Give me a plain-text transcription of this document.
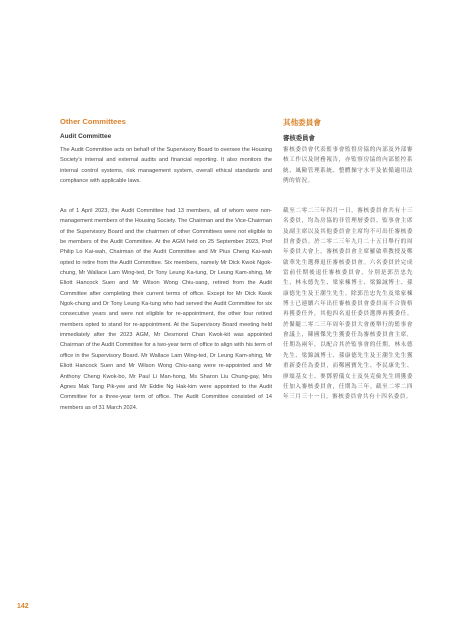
Other Committees
Audit Committee

The Audit Committee acts on behalf of the Supervisory Board to oversee the Housing Society's internal and external audits and financial reporting. It also monitors the internal control systems, risk management system, overall ethical standards and compliance with applicable laws.

As of 1 April 2023, the Audit Committee had 13 members, all of whom were non-management members of the Housing Society. The Chairman and the Vice-Chairman of the Supervisory Board and the chairmen of other Committees were not eligible to be members of the Audit Committee. At the AGM held on 25 September 2023, Prof Philip Lo Kai-wah, Chairman of the Audit Committee and Mr Pius Cheng Kai-wah opted to retire from the Audit Committee. Six members, namely Mr Dick Kwok Ngok-chung, Mr Wallace Lam Wing-ted, Dr Tony Leung Ka-tung, Dr Leung Kam-shing, Mr Eliott Hancock Suen and Mr Wilson Wong Chiu-sang, retired from the Audit Committee after completing their current terms of office. Except for Mr Dick Kwok Ngok-chung and Dr Tony Leung Ka-tung who had served the Audit Committee for six consecutive years and were not eligible for re-appointment, the other four retired members opted to stand for re-appointment. At the Supervisory Board meeting held immediately after the 2023 AGM, Mr Desmond Chan Kwok-kit was appointed Chairman of the Audit Committee for a two-year term of office to align with his term of office in the Supervisory Board. Mr Wallace Lam Wing-ted, Dr Leung Kam-shing, Mr Eliott Hancock Suen and Mr Wilson Wong Chiu-sang were re-appointed and Mr Anthony Cheng Kwok-bo, Mr Paul Li Man-hong, Ms Sharon Liu Chung-gay, Mrs Agnes Mak Tang Pik-yee and Mr Eddie Ng Hak-kim were appointed to the Audit Committee for a three-year term of office. The Audit Committee consisted of 14 members as of 31 March 2024.

其他委員會
審核委員會

審核委員會代表監事會監督房協的內部及外部審核工作以及財務報告，亦監察房協的內部監控系統、風險管理系統、整體操守水平及依循適用法例的情況。

截至二零二三年四月一日，審核委員會共有十三名委員，均為房協的非管理層委員。監事會主席及副主席以及其他委員會主席均不可出任審核委員會委員。於二零二三年九月二十五日舉行的周年委員大會上，審核委員會主席羅啟華教授及鄭啟華先生選擇退任審核委員會。六名委員於完成當前任期後退任審核委員會，分別是郭岳忠先生、林永德先生、梁家棟博士、梁錦誠博士、孫康德先生及王潮生先生。除郭岳忠先生及梁家棟博士已連續六年出任審核委員會委員而不合資格再獲委任外，其他四名退任委員選擇再獲委任。於緊隨二零二三年周年委員大會後舉行的監事會會議上，陳國傑先生獲委任為審核委員會主席，任期為兩年，以配合其於監事會的任期。林永德先生、梁錦誠博士、孫康德先生及王潮生先生獲重新委任為委員，而鄭國寶先生、李民康先生、廖頌基女士、麥鄧碧儀女士及吳克儉先生則獲委任加入審核委員會，任期為三年。截至二零二四年三月三十一日，審核委員會共有十四名委員。

142
